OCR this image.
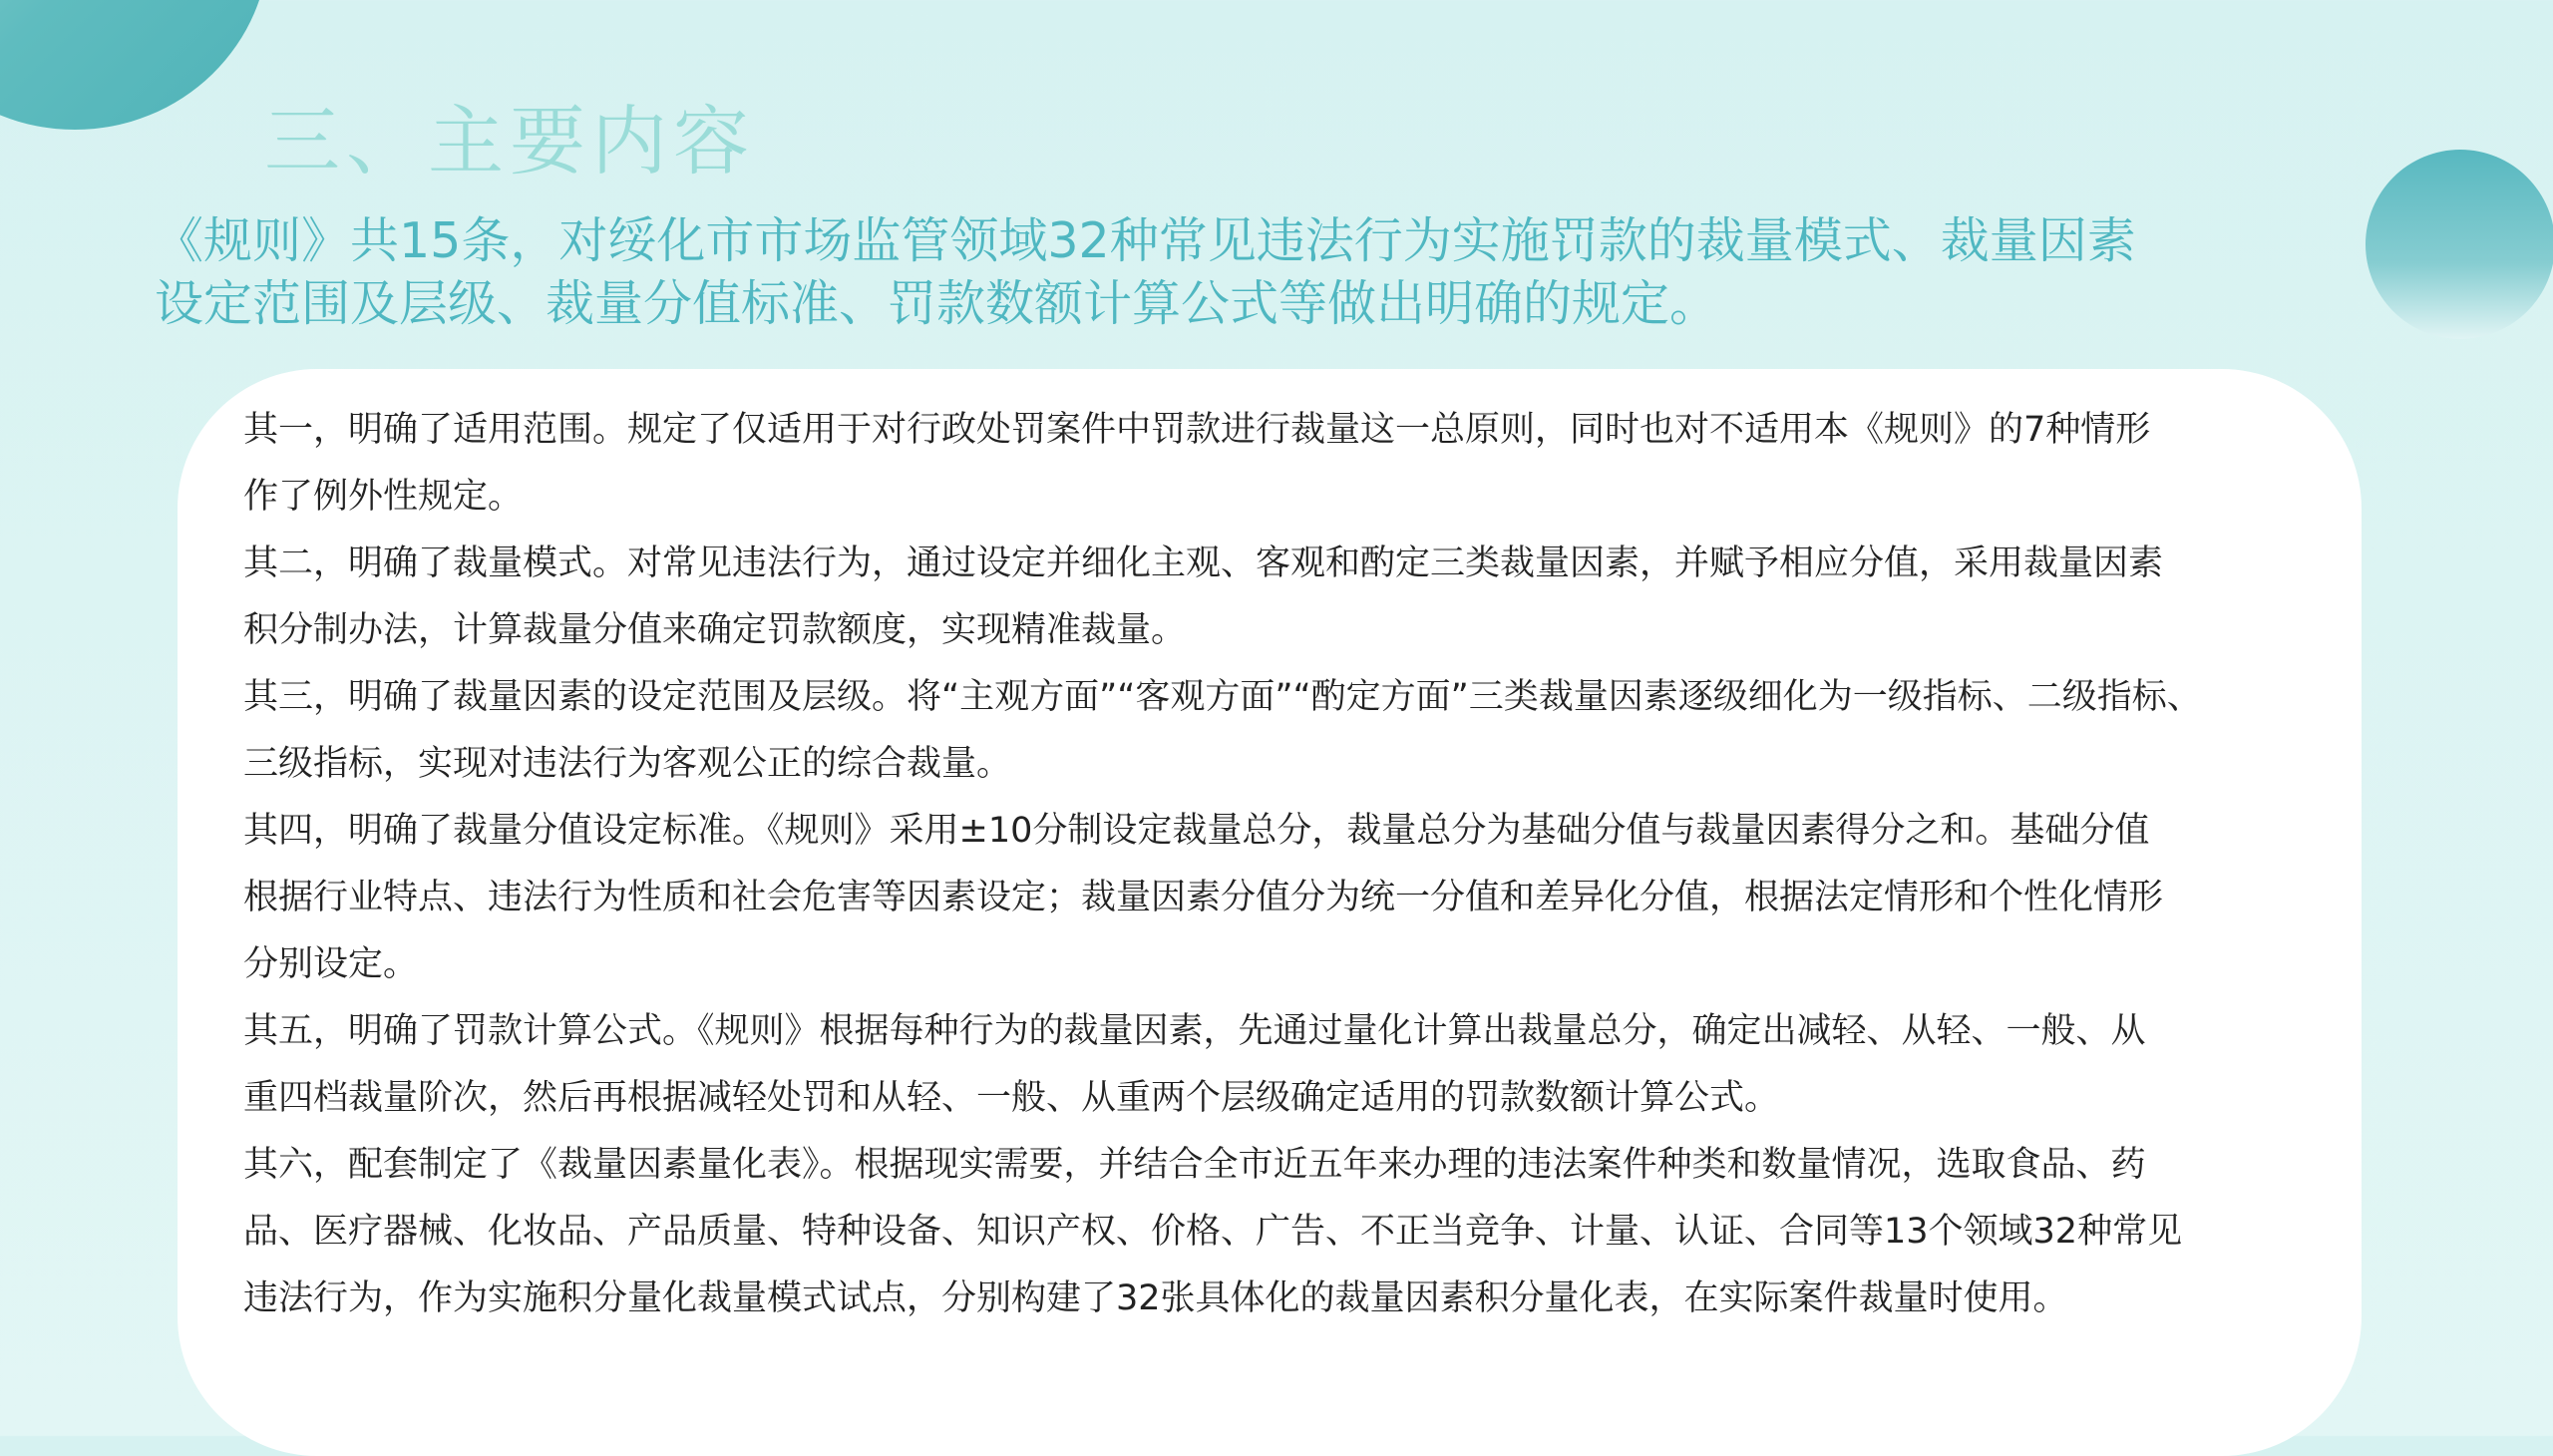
三、主要内容
《规则》共15条，对绥化市市场监管领域32种常见违法行为实施罚款的裁量模式、裁量因素
设定范围及层级、裁量分值标准、罚款数额计算公式等做出明确的规定。
其一，明确了适用范围。规定了仅适用于对行政处罚案件中罚款进行裁量这一总原则，同时也对不适用本《规则》的7种情形
作了例外性规定。
其二，明确了裁量模式。对常见违法行为，通过设定并细化主观、客观和酌定三类裁量因素，并赋予相应分值，采用裁量因素
积分制办法，计算裁量分值来确定罚款额度，实现精准裁量。
其三，明确了裁量因素的设定范围及层级。将“主观方面”“客观方面”“酌定方面”三类裁量因素逐级细化为一级指标、二级指标、
三级指标，实现对违法行为客观公正的综合裁量。
其四，明确了裁量分值设定标准。《规则》采用±10分制设定裁量总分，裁量总分为基础分值与裁量因素得分之和。基础分值
根据行业特点、违法行为性质和社会危害等因素设定；裁量因素分值分为统一分值和差异化分值，根据法定情形和个性化情形
分别设定。
其五，明确了罚款计算公式。《规则》根据每种行为的裁量因素，先通过量化计算出裁量总分，确定出减轻、从轻、一般、从
重四档裁量阶次，然后再根据减轻处罚和从轻、一般、从重两个层级确定适用的罚款数额计算公式。
其六，配套制定了《裁量因素量化表》。根据现实需要，并结合全市近五年来办理的违法案件种类和数量情况，选取食品、药
品、医疗器械、化妆品、产品质量、特种设备、知识产权、价格、广告、不正当竞争、计量、认证、合同等13个领域32种常见
违法行为，作为实施积分量化裁量模式试点，分别构建了32张具体化的裁量因素积分量化表，在实际案件裁量时使用。
